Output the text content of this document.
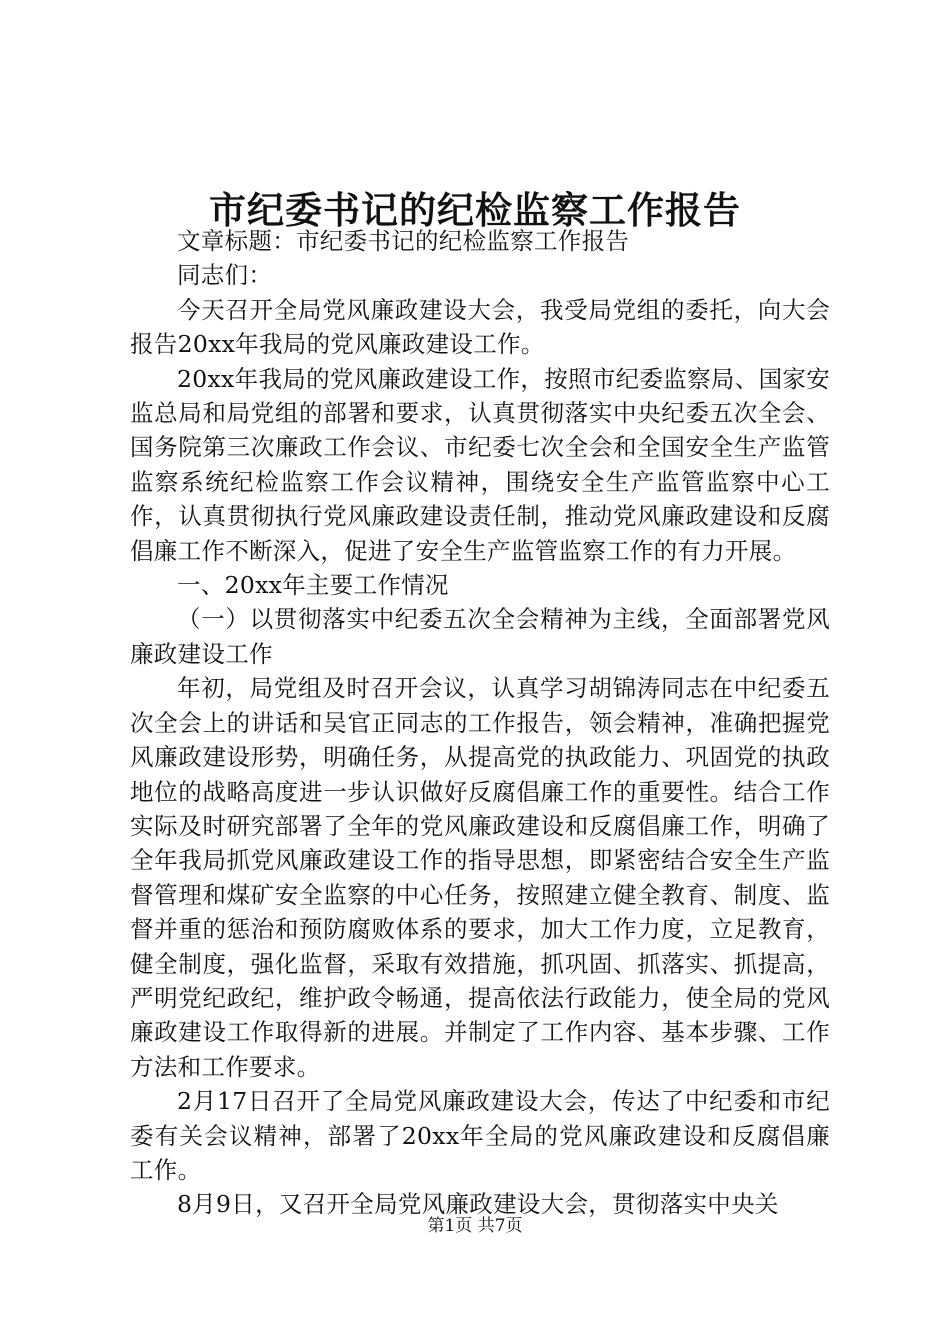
市纪委书记的纪检监察工作报告

文章标题：市纪委书记的纪检监察工作报告

同志们：

今天召开全局党风廉政建设大会，我受局党组的委托，向大会报告20xx年我局的党风廉政建设工作。

20xx年我局的党风廉政建设工作，按照市纪委监察局、国家安监总局和局党组的部署和要求，认真贯彻落实中央纪委五次全会、国务院第三次廉政工作会议、市纪委七次全会和全国安全生产监管监察系统纪检监察工作会议精神，围绕安全生产监管监察中心工作，认真贯彻执行党风廉政建设责任制，推动党风廉政建设和反腐倡廉工作不断深入，促进了安全生产监管监察工作的有力开展。

一、20xx年主要工作情况

（一）以贯彻落实中纪委五次全会精神为主线，全面部署党风廉政建设工作

年初，局党组及时召开会议，认真学习胡锦涛同志在中纪委五次全会上的讲话和吴官正同志的工作报告，领会精神，准确把握党风廉政建设形势，明确任务，从提高党的执政能力、巩固党的执政地位的战略高度进一步认识做好反腐倡廉工作的重要性。结合工作实际及时研究部署了全年的党风廉政建设和反腐倡廉工作，明确了全年我局抓党风廉政建设工作的指导思想，即紧密结合安全生产监督管理和煤矿安全监察的中心任务，按照建立健全教育、制度、监督并重的惩治和预防腐败体系的要求，加大工作力度，立足教育，健全制度，强化监督，采取有效措施，抓巩固、抓落实、抓提高，严明党纪政纪，维护政令畅通，提高依法行政能力，使全局的党风廉政建设工作取得新的进展。并制定了工作内容、基本步骤、工作方法和工作要求。

2月17日召开了全局党风廉政建设大会，传达了中纪委和市纪委有关会议精神，部署了20xx年全局的党风廉政建设和反腐倡廉工作。

8月9日，又召开全局党风廉政建设大会，贯彻落实中央关

第1页 共7页
